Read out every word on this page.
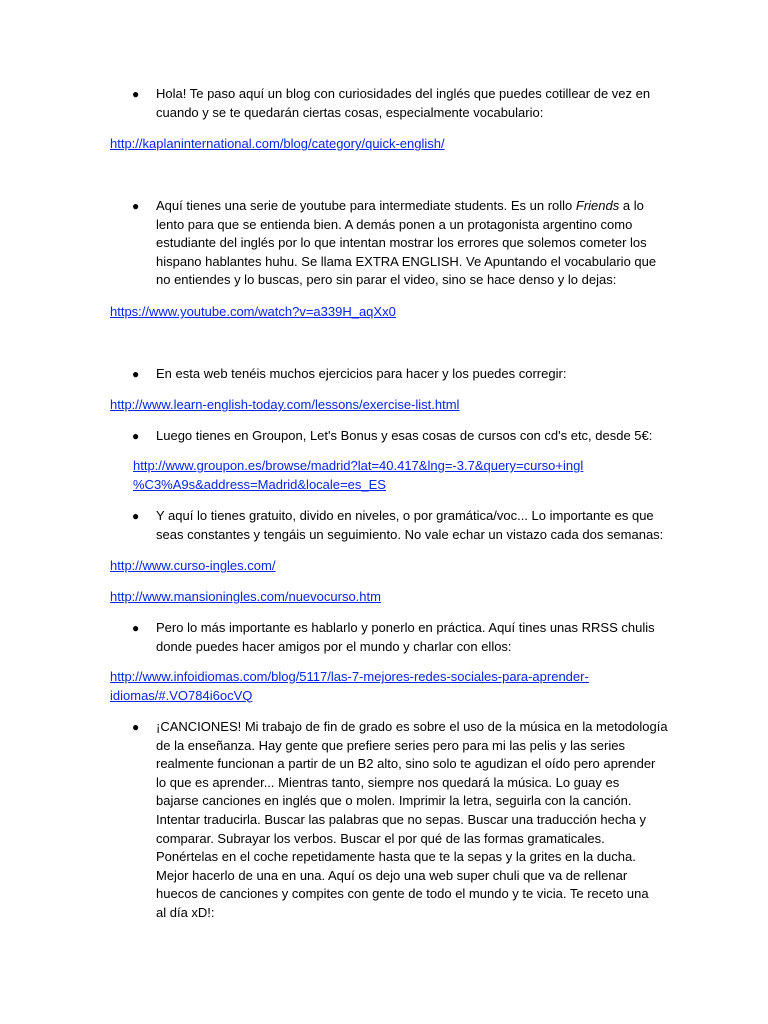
● Hola! Te paso aquí un blog con curiosidades del inglés que puedes cotillear de vez en
cuando y se te quedarán ciertas cosas, especialmente vocabulario:
http://kaplaninternational.com/blog/category/quick-english/
● Aquí tienes una serie de youtube para intermediate students. Es un rollo Friends a lo
lento para que se entienda bien. A demás ponen a un protagonista argentino como
estudiante del inglés por lo que intentan mostrar los errores que solemos cometer los
hispano hablantes huhu. Se llama EXTRA ENGLISH. Ve Apuntando el vocabulario que
no entiendes y lo buscas, pero sin parar el video, sino se hace denso y lo dejas:
https://www.youtube.com/watch?v=a339H_aqXx0
● En esta web tenéis muchos ejercicios para hacer y los puedes corregir:
http://www.learn-english-today.com/lessons/exercise-list.html
● Luego tienes en Groupon, Let's Bonus y esas cosas de cursos con cd's etc, desde 5€:
http://www.groupon.es/browse/madrid?lat=40.417&lng=-3.7&query=curso+ingl
%C3%A9s&address=Madrid&locale=es_ES
● Y aquí lo tienes gratuito, divido en niveles, o por gramática/voc... Lo importante es que
seas constantes y tengáis un seguimiento. No vale echar un vistazo cada dos semanas:
http://www.curso-ingles.com/
http://www.mansioningles.com/nuevocurso.htm
● Pero lo más importante es hablarlo y ponerlo en práctica. Aquí tines unas RRSS chulis
donde puedes hacer amigos por el mundo y charlar con ellos:
http://www.infoidiomas.com/blog/5117/las-7-mejores-redes-sociales-para-aprender-
idiomas/#.VO784i6ocVQ
● ¡CANCIONES! Mi trabajo de fin de grado es sobre el uso de la música en la metodología
de la enseñanza. Hay gente que prefiere series pero para mi las pelis y las series
realmente funcionan a partir de un B2 alto, sino solo te agudizan el oído pero aprender
lo que es aprender... Mientras tanto, siempre nos quedará la música. Lo guay es
bajarse canciones en inglés que o molen. Imprimir la letra, seguirla con la canción.
Intentar traducirla. Buscar las palabras que no sepas. Buscar una traducción hecha y
comparar. Subrayar los verbos. Buscar el por qué de las formas gramaticales.
Ponértelas en el coche repetidamente hasta que te la sepas y la grites en la ducha.
Mejor hacerlo de una en una. Aquí os dejo una web super chuli que va de rellenar
huecos de canciones y compites con gente de todo el mundo y te vicia. Te receto una
al día xD!:
